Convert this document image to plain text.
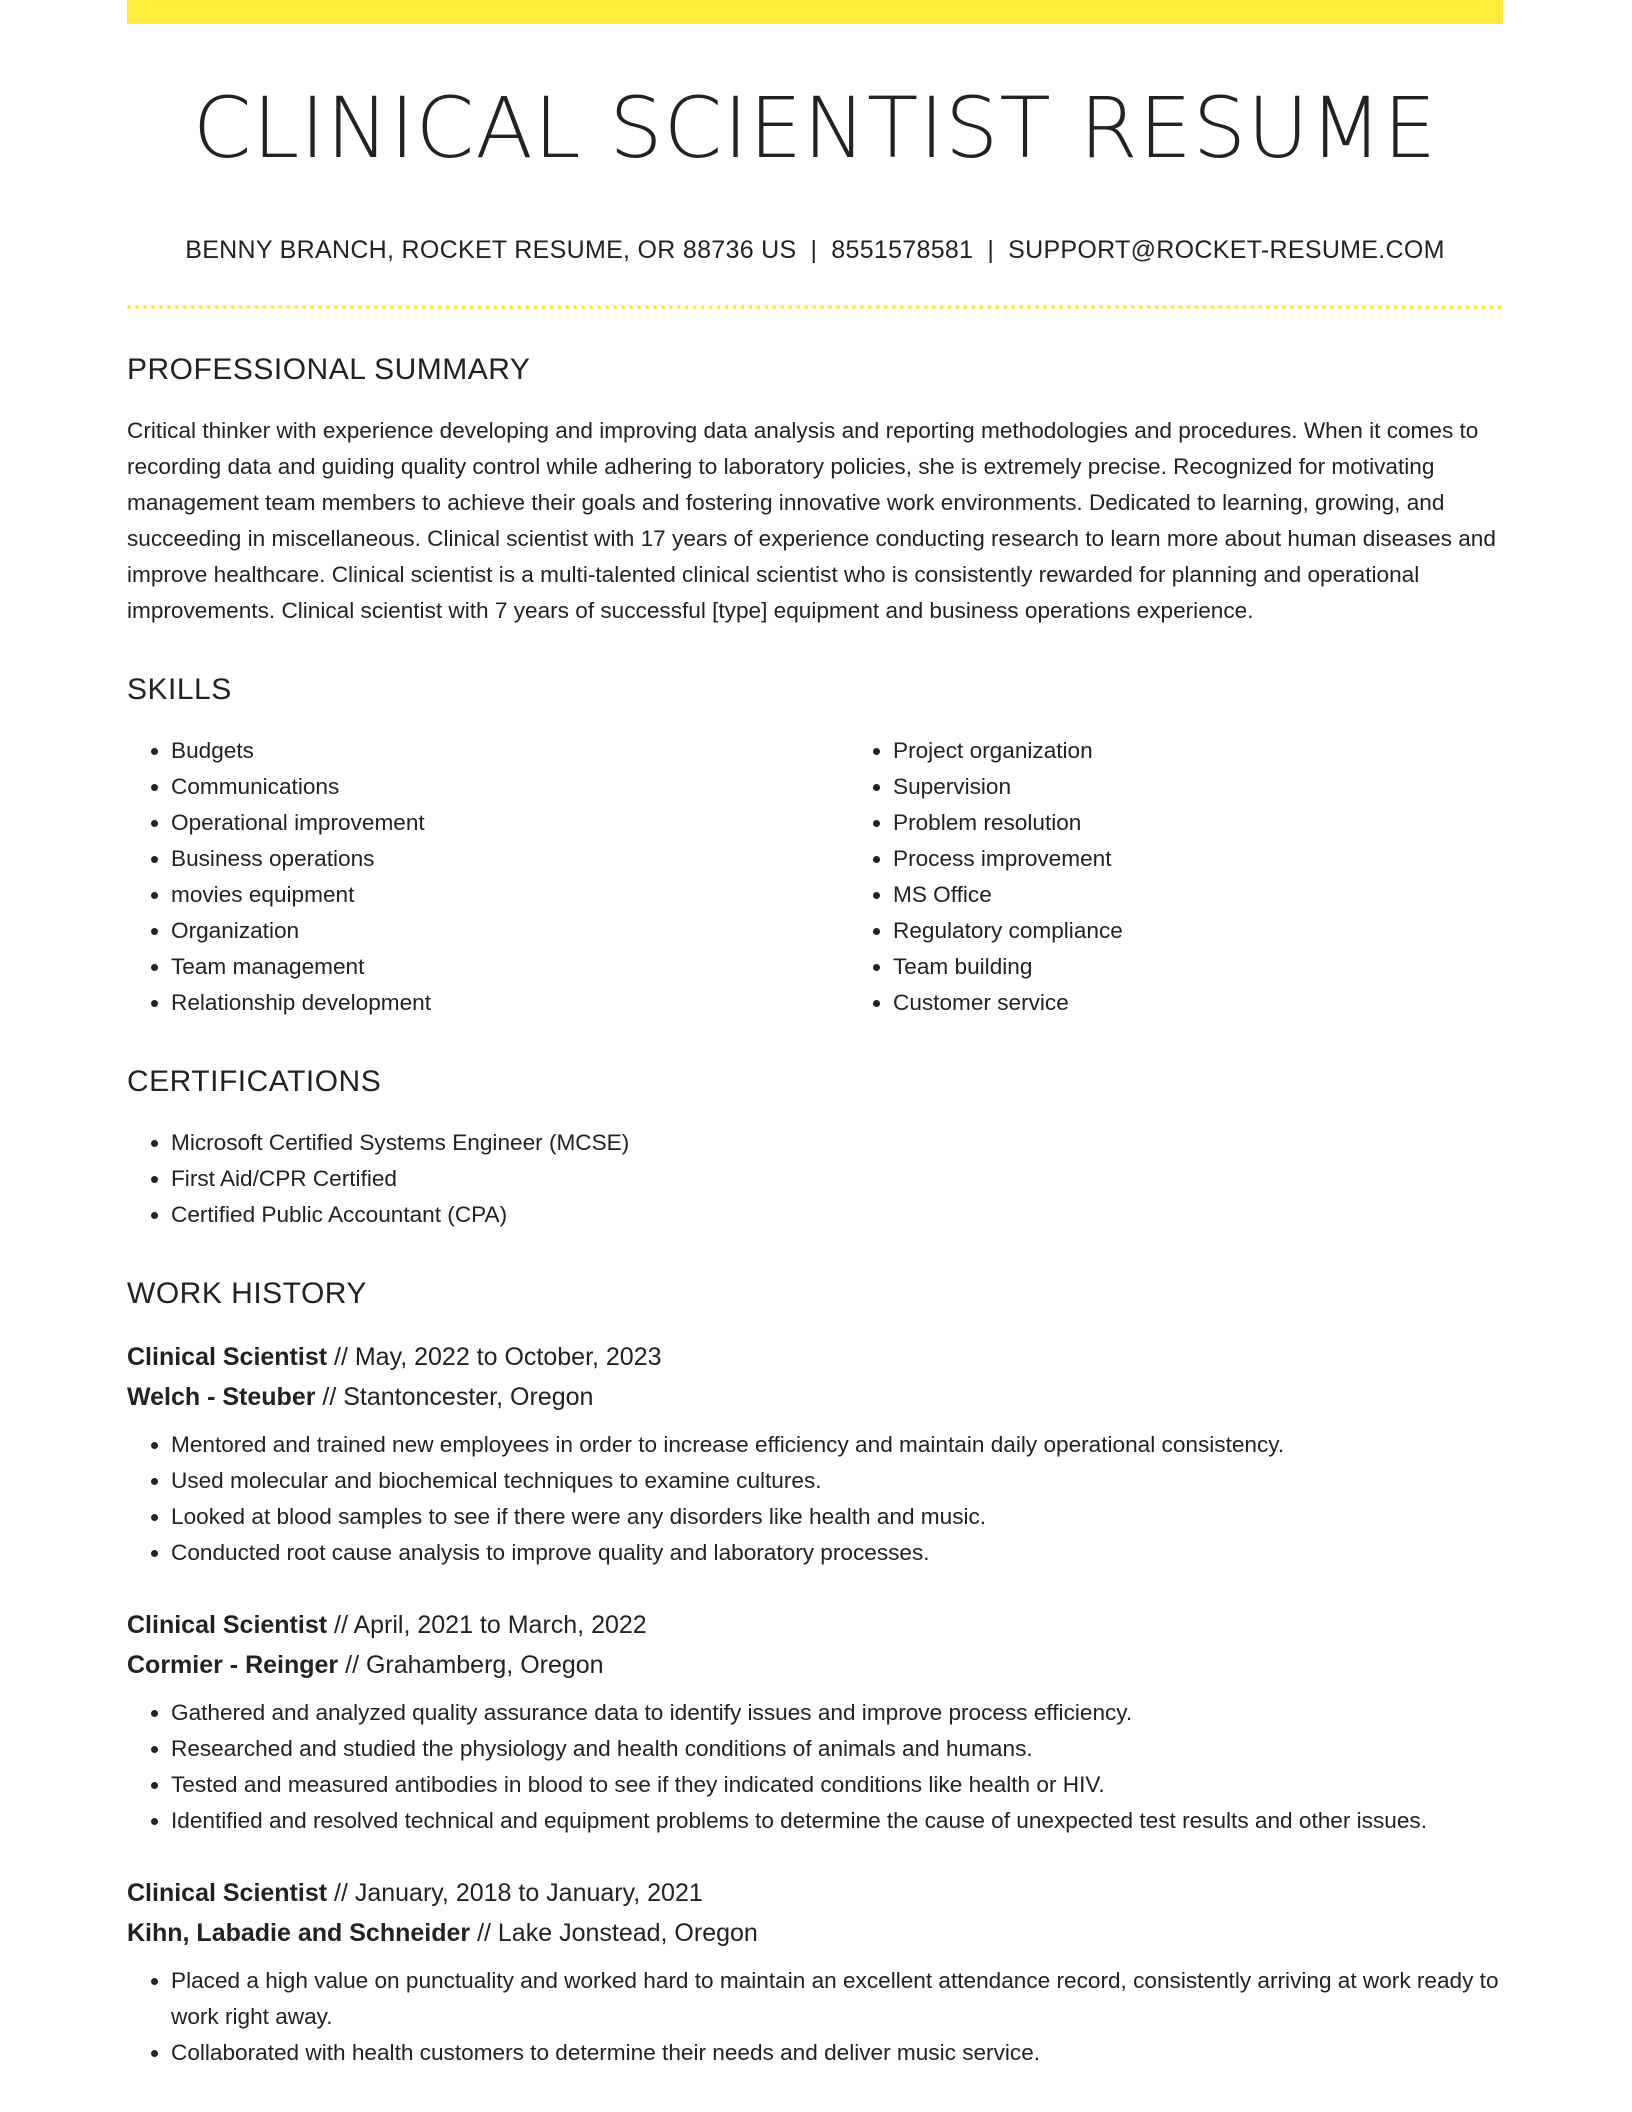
CLINICAL SCIENTIST RESUME
BENNY BRANCH, ROCKET RESUME, OR 88736 US | 8551578581 | SUPPORT@ROCKET-RESUME.COM
PROFESSIONAL SUMMARY
Critical thinker with experience developing and improving data analysis and reporting methodologies and procedures. When it comes to recording data and guiding quality control while adhering to laboratory policies, she is extremely precise. Recognized for motivating management team members to achieve their goals and fostering innovative work environments. Dedicated to learning, growing, and succeeding in miscellaneous. Clinical scientist with 17 years of experience conducting research to learn more about human diseases and improve healthcare. Clinical scientist is a multi-talented clinical scientist who is consistently rewarded for planning and operational improvements. Clinical scientist with 7 years of successful [type] equipment and business operations experience.
SKILLS
• Budgets
• Communications
• Operational improvement
• Business operations
• movies equipment
• Organization
• Team management
• Relationship development
• Project organization
• Supervision
• Problem resolution
• Process improvement
• MS Office
• Regulatory compliance
• Team building
• Customer service
CERTIFICATIONS
• Microsoft Certified Systems Engineer (MCSE)
• First Aid/CPR Certified
• Certified Public Accountant (CPA)
WORK HISTORY
Clinical Scientist // May, 2022 to October, 2023
Welch - Steuber // Stantoncester, Oregon
• Mentored and trained new employees in order to increase efficiency and maintain daily operational consistency.
• Used molecular and biochemical techniques to examine cultures.
• Looked at blood samples to see if there were any disorders like health and music.
• Conducted root cause analysis to improve quality and laboratory processes.
Clinical Scientist // April, 2021 to March, 2022
Cormier - Reinger // Grahamberg, Oregon
• Gathered and analyzed quality assurance data to identify issues and improve process efficiency.
• Researched and studied the physiology and health conditions of animals and humans.
• Tested and measured antibodies in blood to see if they indicated conditions like health or HIV.
• Identified and resolved technical and equipment problems to determine the cause of unexpected test results and other issues.
Clinical Scientist // January, 2018 to January, 2021
Kihn, Labadie and Schneider // Lake Jonstead, Oregon
• Placed a high value on punctuality and worked hard to maintain an excellent attendance record, consistently arriving at work ready to work right away.
• Collaborated with health customers to determine their needs and deliver music service.
